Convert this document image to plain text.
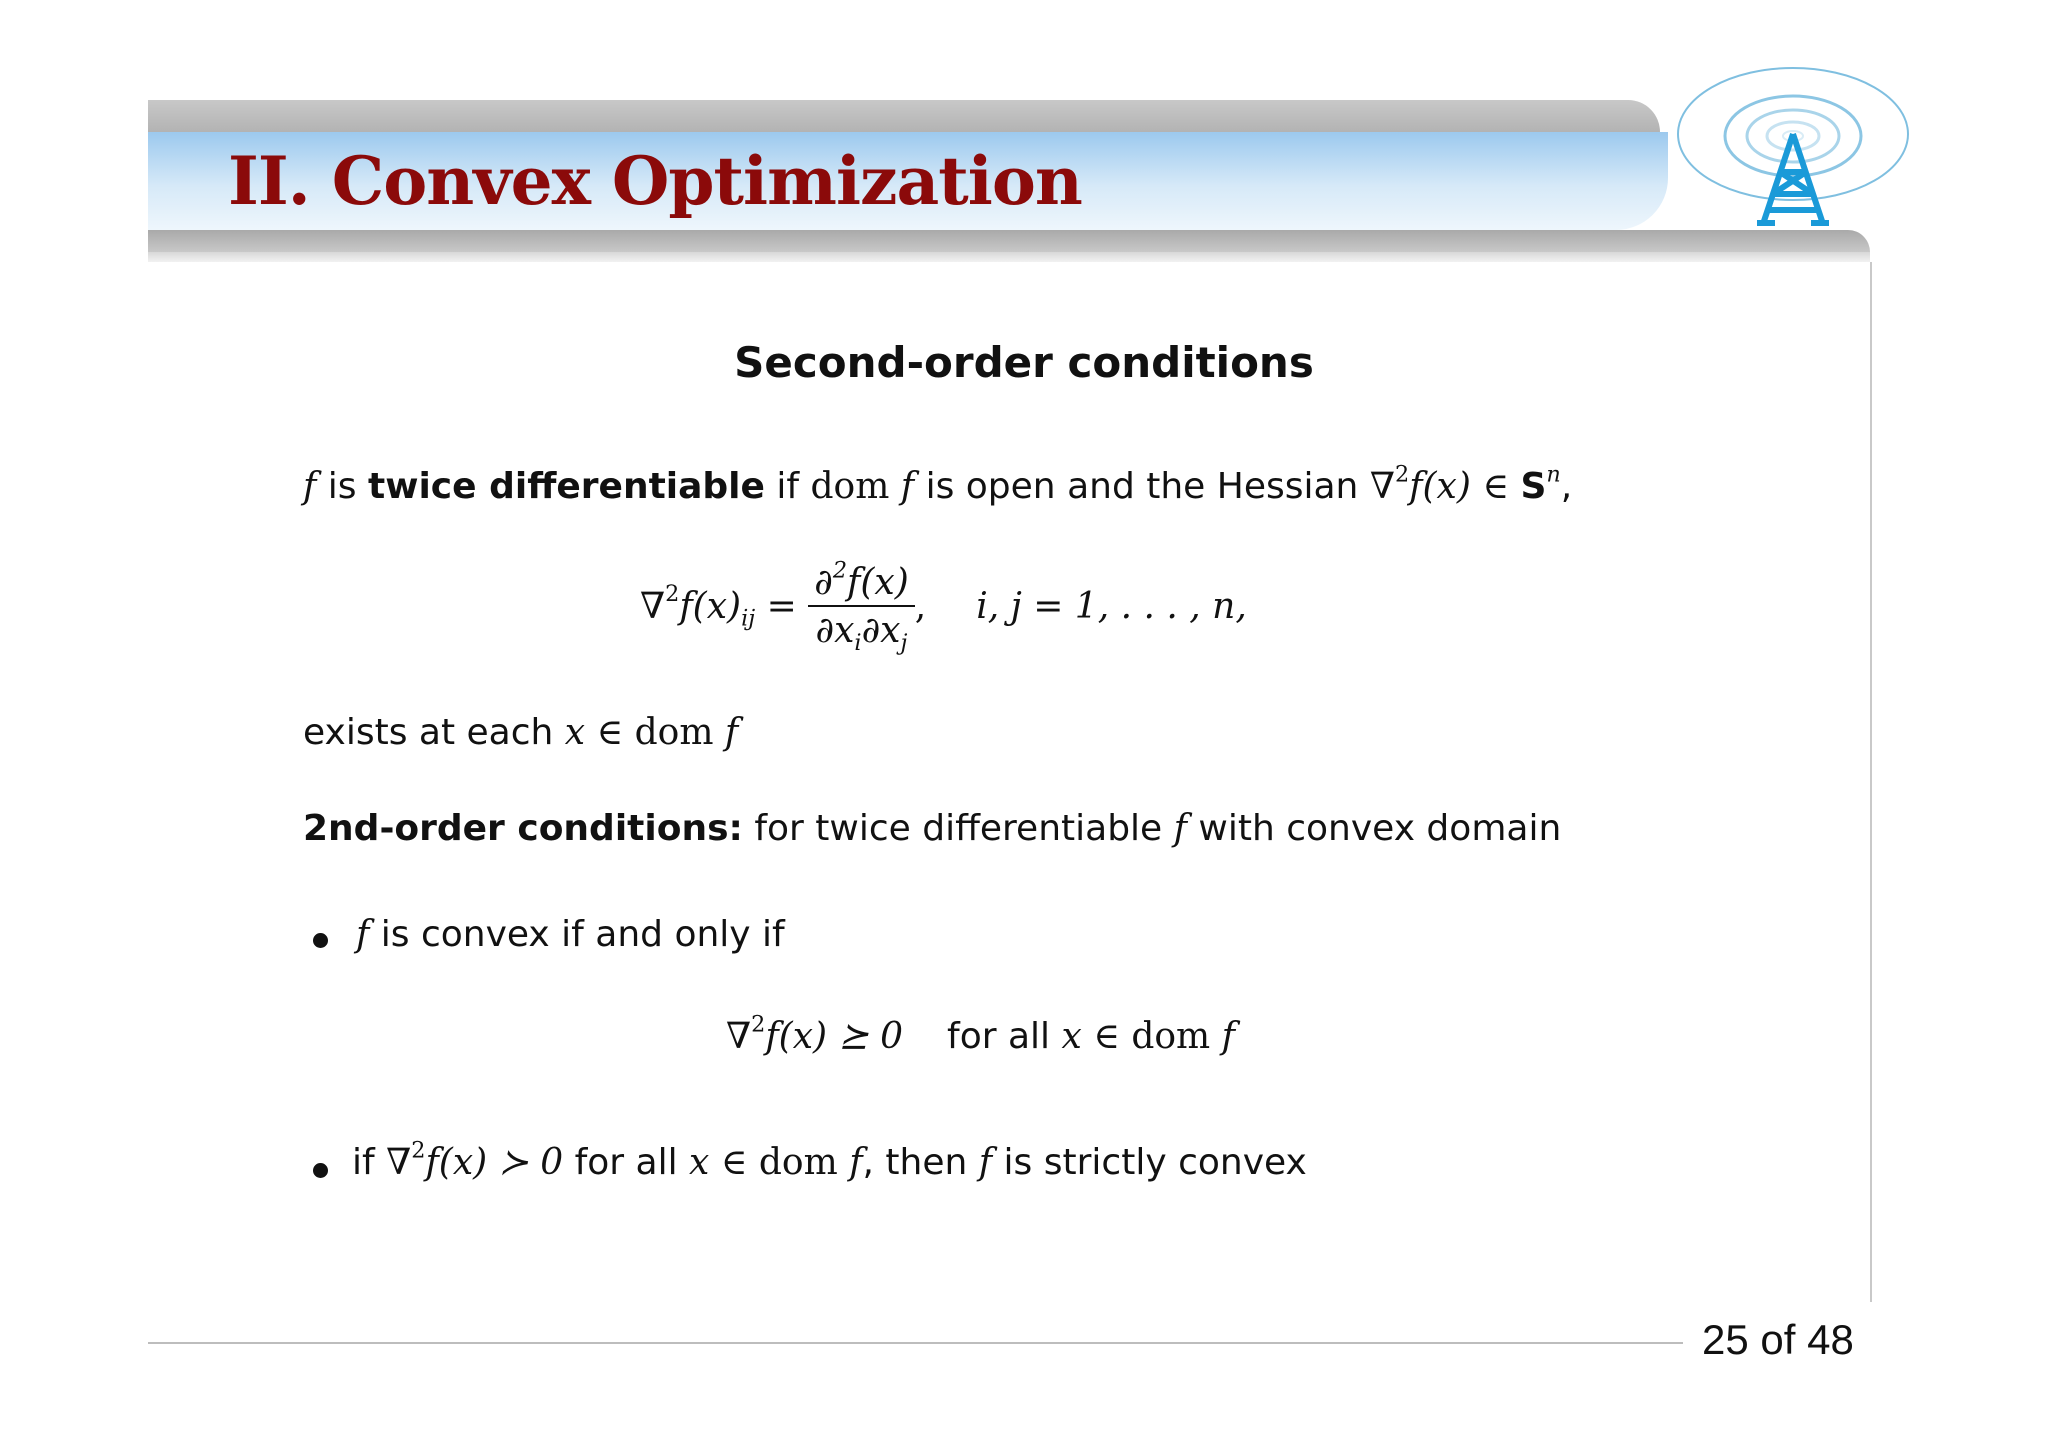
II. Convex Optimization
Second-order conditions
f is twice differentiable if dom f is open and the Hessian ∇$^2$f(x) ∈ $S^n$,
$\nabla^2f(x)_{ij} = \frac{\partial^2f(x)}{\partial x_i\partial x_j}$ , i, j = 1, . . . , n,
exists at each x ∈ dom f
2nd-order conditions: for twice differentiable f with convex domain
f is convex if and only if
∇$^2$f(x) ⪰ 0 for all x ∈ dom f
if ∇$^2$f(x) ≻ 0 for all x ∈ dom f, then f is strictly convex
25 of 48
